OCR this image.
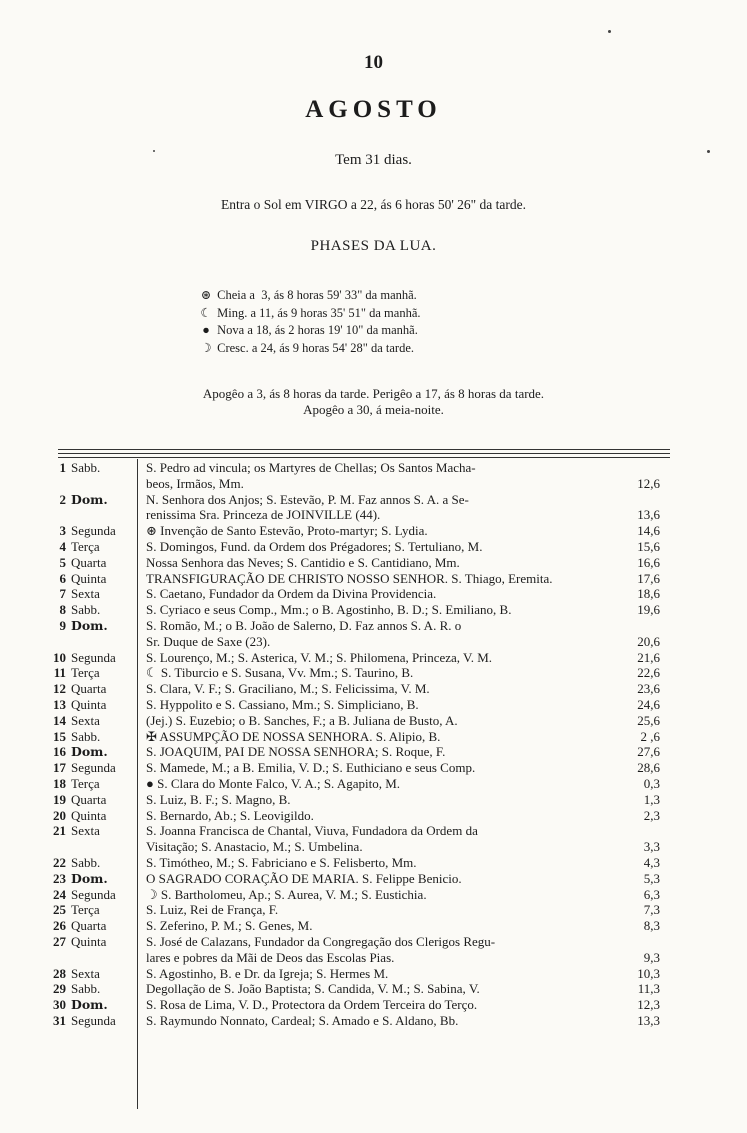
10
AGOSTO
Tem 31 dias.
Entra o Sol em VIRGO a 22, ás 6 horas 50' 26" da tarde.
PHASES DA LUA.
⊛ Cheia a  3, ás 8 horas 59' 33" da manhã.
☾ Ming. a 11, ás 9 horas 35' 51" da manhã.
● Nova a 18, ás 2 horas 19' 10" da manhã.
☽ Cresc. a 24, ás 9 horas 54' 28" da tarde.
Apogêo a 3, ás 8 horas da tarde. Perigêo a 17, ás 8 horas da tarde.
Apogêo a 30, á meia-noite.
1 Sabb.	S. Pedro ad vincula; os Martyres de Chellas; Os Santos Macha-
beos, Irmãos, Mm.	12,6
2 Dom.	N. Senhora dos Anjos; S. Estevão, P. M. Faz annos S. A. a Se-
renissima Sra. Princeza de JOINVILLE (44).	13,6
3 Segunda	⊛ Invenção de Santo Estevão, Proto-martyr; S. Lydia.	14,6
4 Terça	S. Domingos, Fund. da Ordem dos Prégadores; S. Tertuliano, M.	15,6
5 Quarta	Nossa Senhora das Neves; S. Cantidio e S. Cantidiano, Mm.	16,6
6 Quinta	TRANSFIGURAÇÃO DE CHRISTO NOSSO SENHOR. S. Thiago, Eremita.	17,6
7 Sexta	S. Caetano, Fundador da Ordem da Divina Providencia.	18,6
8 Sabb.	S. Cyriaco e seus Comp., Mm.; o B. Agostinho, B. D.; S. Emiliano, B.	19,6
9 Dom.	S. Romão, M.; o B. João de Salerno, D. Faz annos S. A. R. o
Sr. Duque de Saxe (23).	20,6
10 Segunda	S. Lourenço, M.; S. Asterica, V. M.; S. Philomena, Princeza, V. M.	21,6
11 Terça	☾ S. Tiburcio e S. Susana, Vv. Mm.; S. Taurino, B.	22,6
12 Quarta	S. Clara, V. F.; S. Graciliano, M.; S. Felicissima, V. M.	23,6
13 Quinta	S. Hyppolito e S. Cassiano, Mm.; S. Simpliciano, B.	24,6
14 Sexta	(Jej.) S. Euzebio; o B. Sanches, F.; a B. Juliana de Busto, A.	25,6
15 Sabb.	✠ ASSUMPÇÃO DE NOSSA SENHORA. S. Alipio, B.	2 ,6
16 Dom.	S. JOAQUIM, PAI DE NOSSA SENHORA; S. Roque, F.	27,6
17 Segunda	S. Mamede, M.; a B. Emilia, V. D.; S. Euthiciano e seus Comp.	28,6
18 Terça	● S. Clara do Monte Falco, V. A.; S. Agapito, M.	0,3
19 Quarta	S. Luiz, B. F.; S. Magno, B.	1,3
20 Quinta	S. Bernardo, Ab.; S. Leovigildo.	2,3
21 Sexta	S. Joanna Francisca de Chantal, Viuva, Fundadora da Ordem da
Visitação; S. Anastacio, M.; S. Umbelina.	3,3
22 Sabb.	S. Timótheo, M.; S. Fabriciano e S. Felisberto, Mm.	4,3
23 Dom.	O SAGRADO CORAÇÃO DE MARIA. S. Felippe Benicio.	5,3
24 Segunda	☽ S. Bartholomeu, Ap.; S. Aurea, V. M.; S. Eustichia.	6,3
25 Terça	S. Luiz, Rei de França, F.	7,3
26 Quarta	S. Zeferino, P. M.; S. Genes, M.	8,3
27 Quinta	S. José de Calazans, Fundador da Congregação dos Clerigos Regu-
lares e pobres da Mãi de Deos das Escolas Pias.	9,3
28 Sexta	S. Agostinho, B. e Dr. da Igreja; S. Hermes M.	10,3
29 Sabb.	Degollação de S. João Baptista; S. Candida, V. M.; S. Sabina, V.	11,3
30 Dom.	S. Rosa de Lima, V. D., Protectora da Ordem Terceira do Terço.	12,3
31 Segunda	S. Raymundo Nonnato, Cardeal; S. Amado e S. Aldano, Bb.	13,3
